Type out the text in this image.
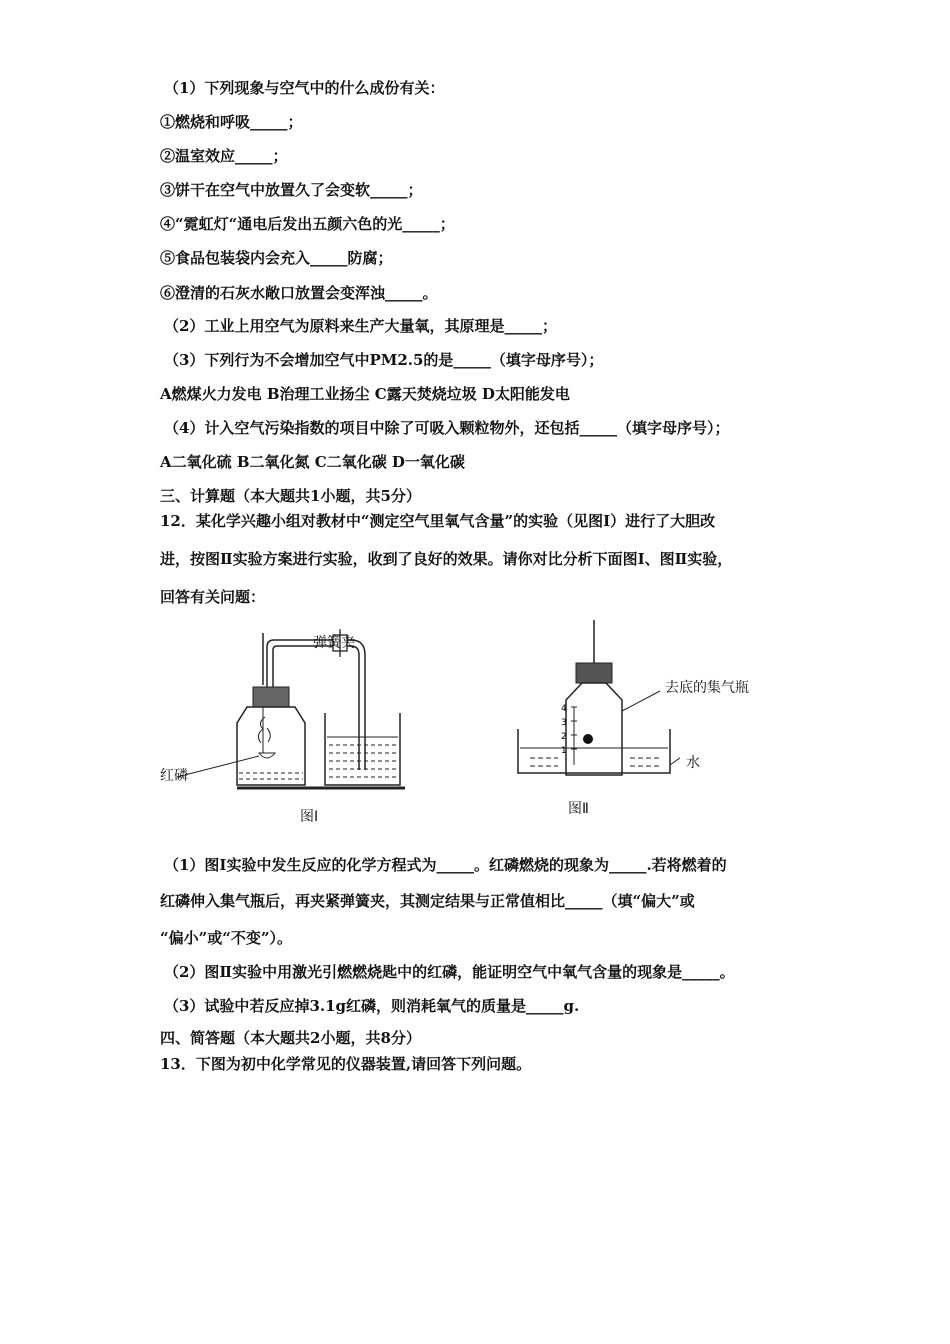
（1）下列现象与空气中的什么成份有关：
①燃烧和呼吸_____；
②温室效应_____；
③饼干在空气中放置久了会变软_____；
④“霓虹灯“通电后发出五颜六色的光_____；
⑤食品包装袋内会充入_____防腐；
⑥澄清的石灰水敞口放置会变浑浊_____。
（2）工业上用空气为原料来生产大量氧，其原理是_____；
（3）下列行为不会增加空气中PM2.5的是_____（填字母序号）；
A燃煤火力发电 B治理工业扬尘 C露天焚烧垃圾 D太阳能发电
（4）计入空气污染指数的项目中除了可吸入颗粒物外，还包括_____（填字母序号）；
A二氧化硫 B二氧化氮 C二氧化碳 D一氧化碳
三、计算题（本大题共1小题，共5分）
12．某化学兴趣小组对教材中“测定空气里氧气含量”的实验（见图I）进行了大胆改
进，按图Ⅱ实验方案进行实验，收到了良好的效果。请你对比分析下面图I、图Ⅱ实验，
回答有关问题：
弹簧夹
红磷
图I
4
3
2
1
去底的集气瓶
水
图Ⅱ
（1）图I实验中发生反应的化学方程式为_____。红磷燃烧的现象为_____.若将燃着的
红磷伸入集气瓶后，再夹紧弹簧夹，其测定结果与正常值相比_____（填“偏大”或
“偏小”或“不变”）。
（2）图Ⅱ实验中用激光引燃燃烧匙中的红磷，能证明空气中氧气含量的现象是_____。
（3）试验中若反应掉3.1g红磷，则消耗氧气的质量是_____g.
四、简答题（本大题共2小题，共8分）
13．下图为初中化学常见的仪器装置,请回答下列问题。
